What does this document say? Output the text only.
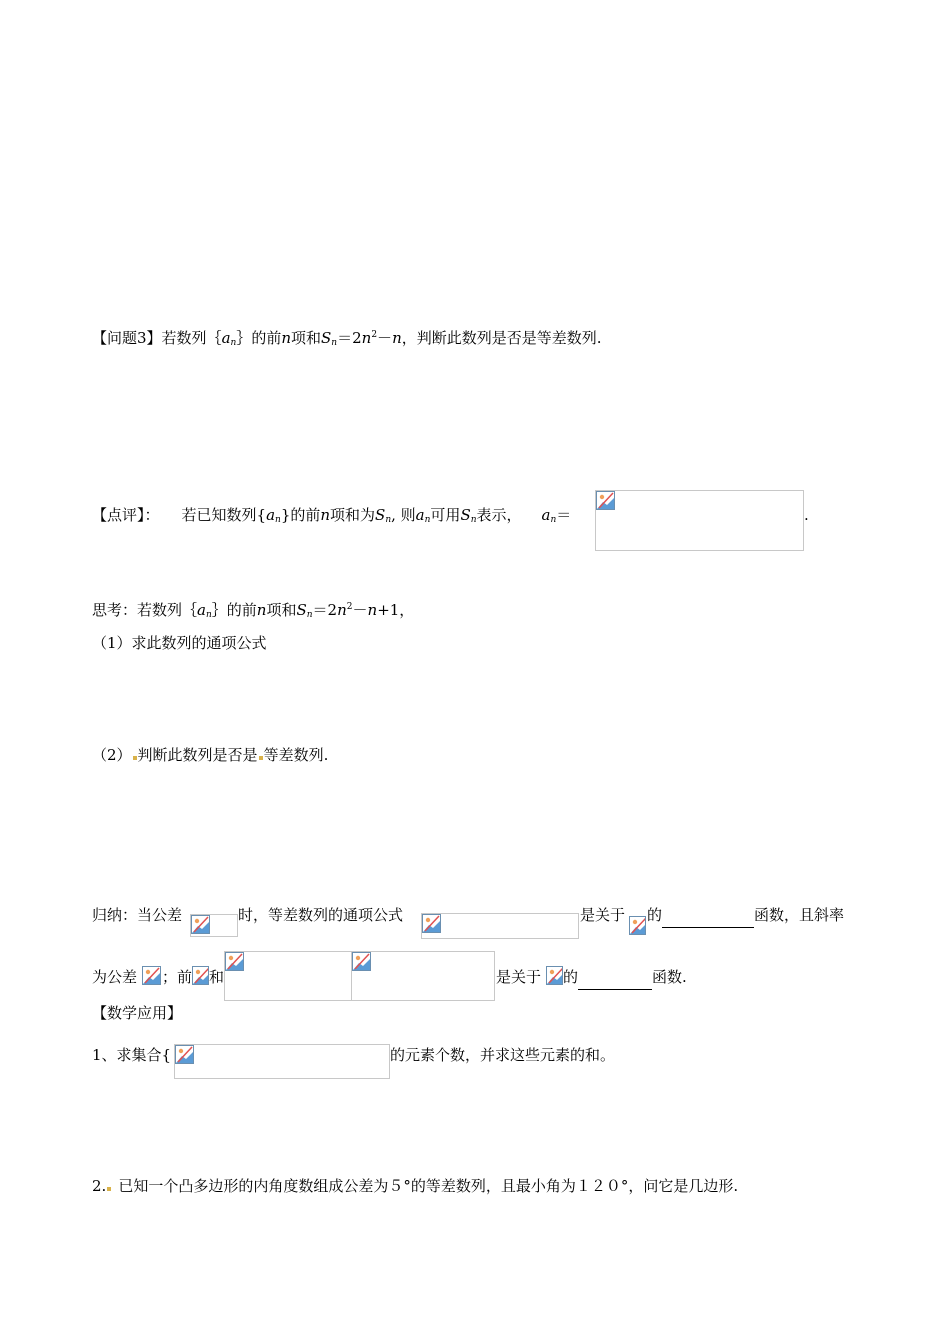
【问题3】若数列$\{a_n\}$的前n项和$S_n=2n^2-n$，判断此数列是否是等差数列.
【点评】： 若已知数列$\{a_n\}$的前n项和为$S_n$, 则$a_n$可用$S_n$表示， $a_n=$	.
思考：若数列$\{a_n\}$的前n项和$S_n=2n^2-n+1$，
（1）求此数列的通项公式
（2） 判断此数列是否是 等差数列.
归纳：当公差	时，等差数列的通项公式	是关于 的	函数，且斜率
为公差 ；前 和	是关于 的	函数.
【数学应用】
1、求集合{	的元素个数，并求这些元素的和。
2. 已知一个凸多边形的内角度数组成公差为５°的等差数列，且最小角为１２０°，问它是几边形.
